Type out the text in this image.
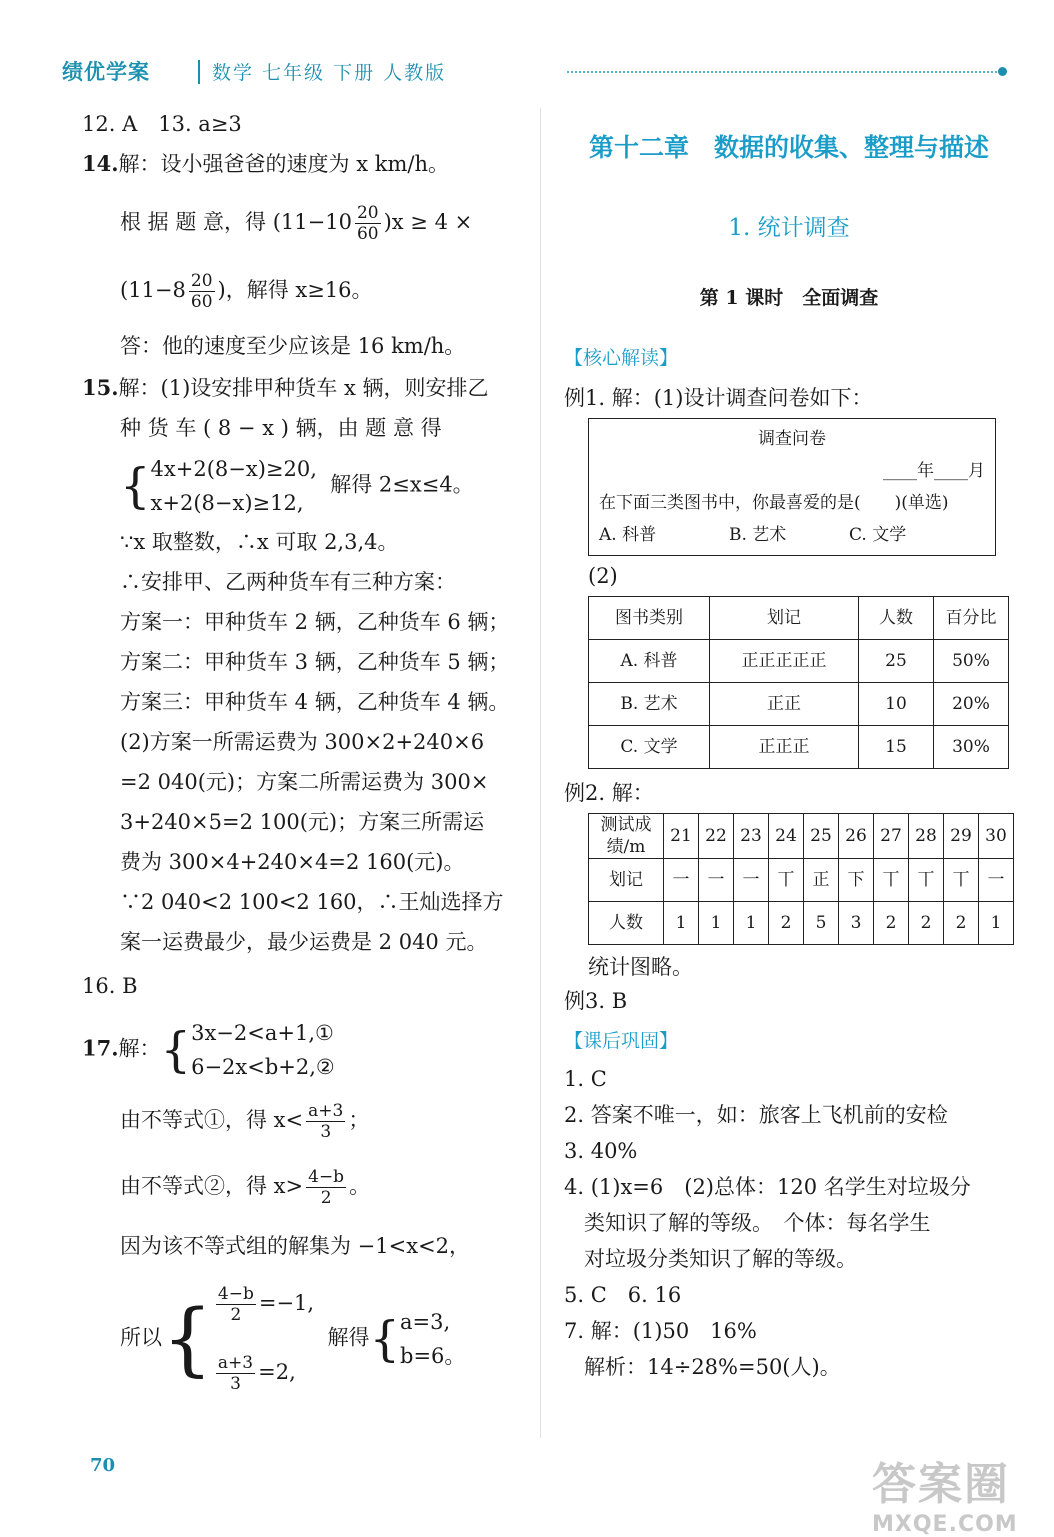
绩优学案	数学 七年级 下册 人教版
12. A　13. a≥3
14.解：设小强爸爸的速度为 x km/h。
根 据 题 意，得 $(11-10 \frac{20}{60} )x \ge 4$ ×
($11-8 \frac{20}{60}$ )，解得 x≥16。
答：他的速度至少应该是 16 km/h。
15.解：(1)设安排甲种货车 x 辆，则安排乙
种 货 车 ( 8 − x ) 辆，由 题 意 得
{4x+2(8−x)≥20,
x+2(8−x)≥12,  解得 2≤x≤4。
∵x 取整数，∴x 可取 2,3,4。
∴安排甲、乙两种货车有三种方案：
方案一：甲种货车 2 辆，乙种货车 6 辆；
方案二：甲种货车 3 辆，乙种货车 5 辆；
方案三：甲种货车 4 辆，乙种货车 4 辆。
(2)方案一所需运费为 300×2+240×6
=2 040(元)；方案二所需运费为 300×
3+240×5=2 100(元)；方案三所需运
费为 300×4+240×4=2 160(元)。
∵2 040<2 100<2 160，∴王灿选择方
案一运费最少，最少运费是 2 040 元。
16. B
17.解：{3x−2<a+1,①
6−2x<b+2,②
由不等式①，得 $x< \frac{a+3}{3}$ ；
由不等式②，得 $x> \frac{4-b}{2}$ 。
因为该不等式组的解集为 −1<x<2，
所以{ $\frac{4-b}{2} =-1$,

$\frac{a+3}{3} =2$,  解得{a=3,
b=6。
第十二章　数据的收集、整理与描述
1. 统计调查
第 1 课时　全面调查
【核心解读】
例1. 解：(1)设计调查问卷如下：
调查问卷
____年____月
在下面三类图书中，你最喜爱的是(　　)(单选)
A. 科普	B. 艺术	C. 文学
(2)
图书类别	划记	人数	百分比
A. 科普	正正正正正	25	50%
B. 艺术	正正	10	20%
C. 文学	正正正	15	30%
例2. 解：
测试成绩/m	21	22	23	24	25	26	27	28	29	30
划记	一	一	一	丅	正	下	丅	丅	丅	一
人数	1	1	1	2	5	3	2	2	2	1
统计图略。
例3. B
【课后巩固】
1. C
2. 答案不唯一，如：旅客上飞机前的安检
3. 40%
4. (1)x=6　(2)总体：120 名学生对垃圾分
类知识了解的等级。　个体：每名学生
对垃圾分类知识了解的等级。
5. C　6. 16
7. 解：(1)50　16%
解析：14÷28%=50(人)。
70	答案圈
MXQE.COM
